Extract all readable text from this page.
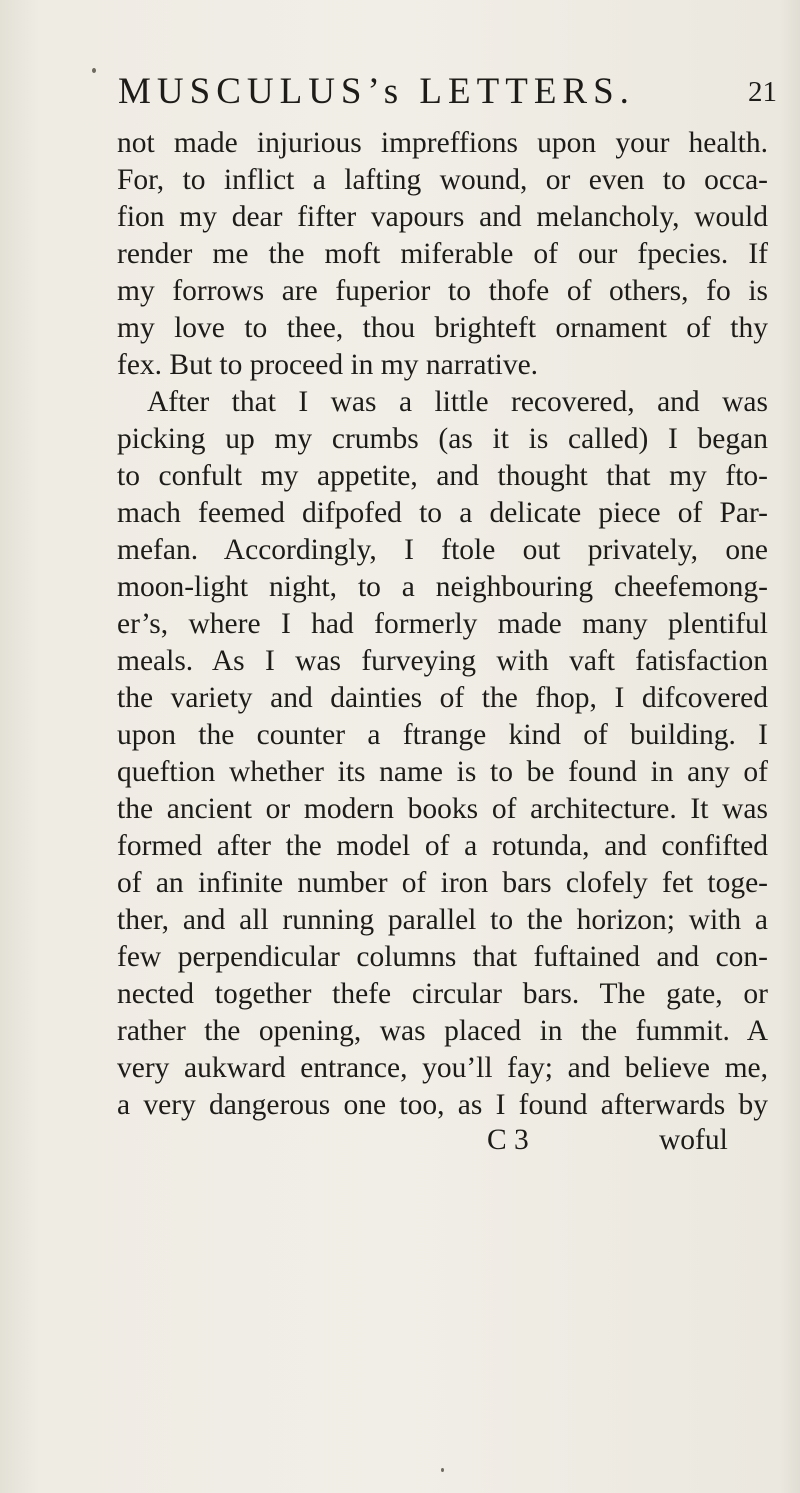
MUSCULUS’s LETTERS.	21
not made injurious impreffions upon your health.
For, to inflict a lafting wound, or even to occa-
fion my dear fifter vapours and melancholy, would
render me the moft miferable of our fpecies. If
my forrows are fuperior to thofe of others, fo is
my love to thee, thou brighteft ornament of thy
fex. But to proceed in my narrative.
After that I was a little recovered, and was
picking up my crumbs (as it is called) I began
to confult my appetite, and thought that my fto-
mach feemed difpofed to a delicate piece of Par-
mefan. Accordingly, I ftole out privately, one
moon-light night, to a neighbouring cheefemong-
er’s, where I had formerly made many plentiful
meals. As I was furveying with vaft fatisfaction
the variety and dainties of the fhop, I difcovered
upon the counter a ftrange kind of building. I
queftion whether its name is to be found in any of
the ancient or modern books of architecture. It was
formed after the model of a rotunda, and confifted
of an infinite number of iron bars clofely fet toge-
ther, and all running parallel to the horizon; with a
few perpendicular columns that fuftained and con-
nected together thefe circular bars. The gate, or
rather the opening, was placed in the fummit. A
very aukward entrance, you’ll fay; and believe me,
a very dangerous one too, as I found afterwards by
C 3	woful
